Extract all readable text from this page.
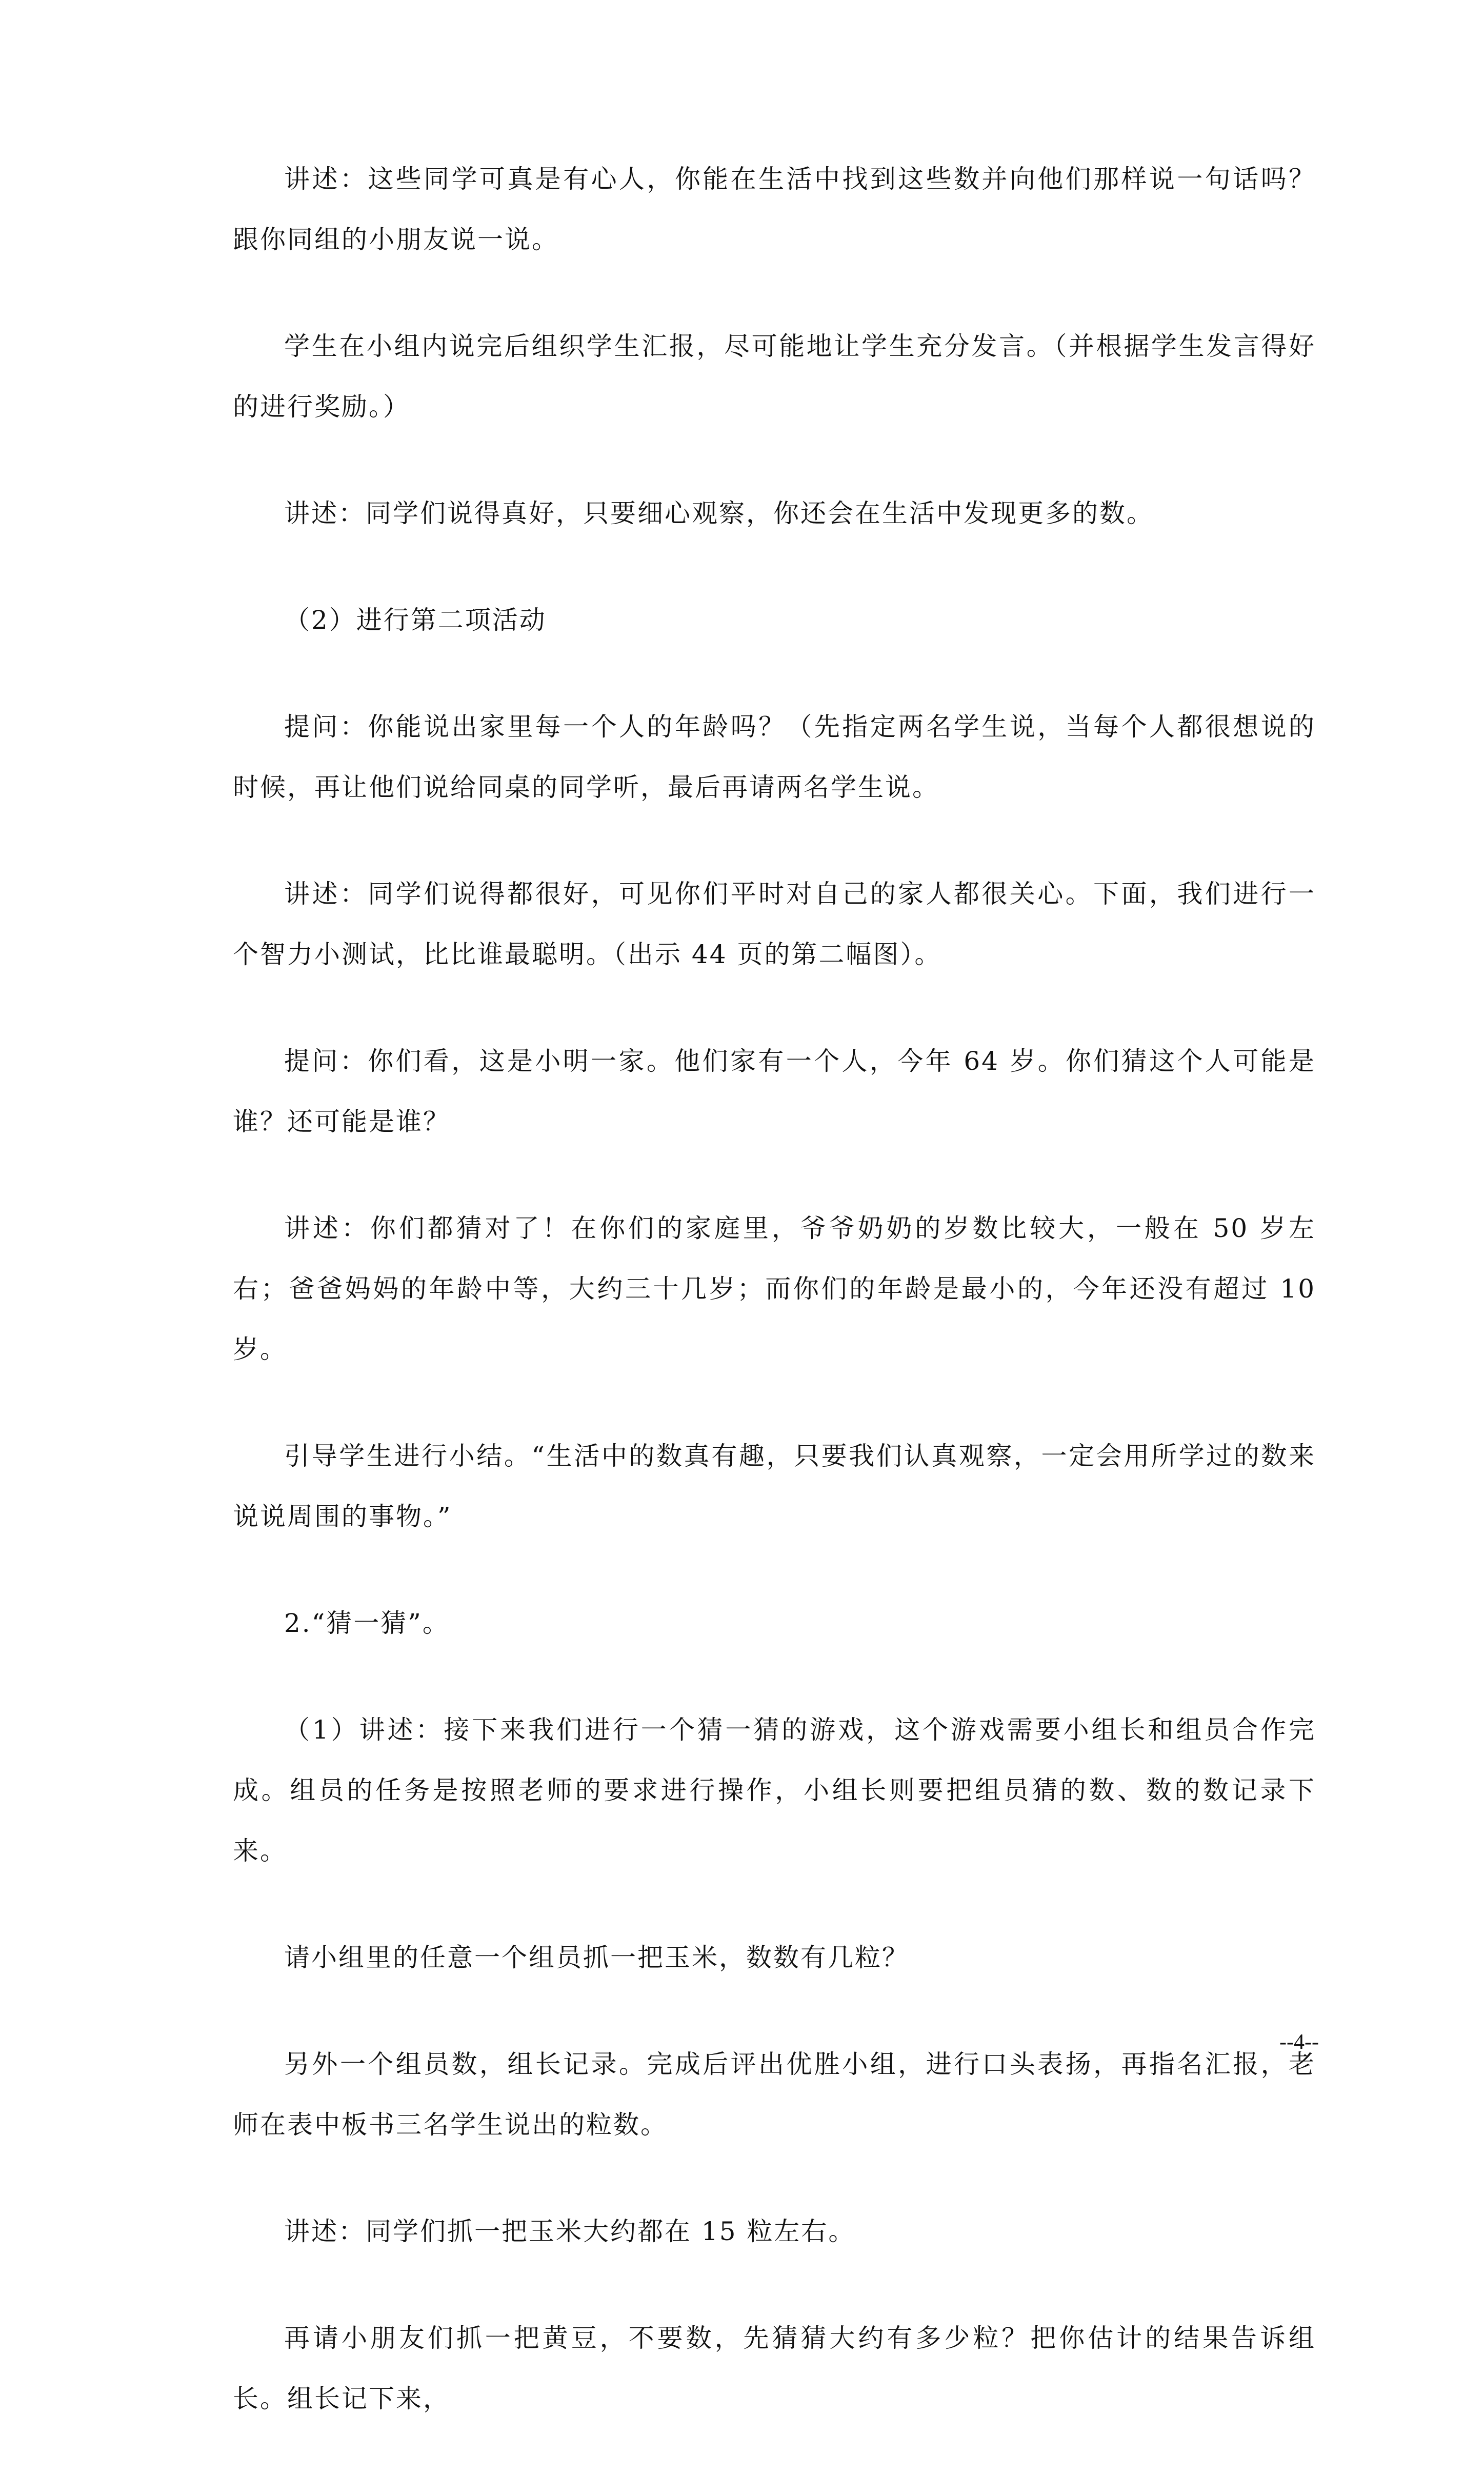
讲述：这些同学可真是有心人，你能在生活中找到这些数并向他们那样说一句话吗？跟你同组的小朋友说一说。

学生在小组内说完后组织学生汇报，尽可能地让学生充分发言。（并根据学生发言得好的进行奖励。）

讲述：同学们说得真好，只要细心观察，你还会在生活中发现更多的数。

（2）进行第二项活动

提问：你能说出家里每一个人的年龄吗？（先指定两名学生说，当每个人都很想说的时候，再让他们说给同桌的同学听，最后再请两名学生说。

讲述：同学们说得都很好，可见你们平时对自己的家人都很关心。下面，我们进行一个智力小测试，比比谁最聪明。（出示 44 页的第二幅图）。

提问：你们看，这是小明一家。他们家有一个人，今年 64 岁。你们猜这个人可能是谁？还可能是谁？

讲述：你们都猜对了！在你们的家庭里，爷爷奶奶的岁数比较大，一般在 50 岁左右；爸爸妈妈的年龄中等，大约三十几岁；而你们的年龄是最小的，今年还没有超过 10 岁。

引导学生进行小结。“生活中的数真有趣，只要我们认真观察，一定会用所学过的数来说说周围的事物。”

2.“猜一猜”。

（1）讲述：接下来我们进行一个猜一猜的游戏，这个游戏需要小组长和组员合作完成。组员的任务是按照老师的要求进行操作，小组长则要把组员猜的数、数的数记录下来。

请小组里的任意一个组员抓一把玉米，数数有几粒？

另外一个组员数，组长记录。完成后评出优胜小组，进行口头表扬，再指名汇报，老师在表中板书三名学生说出的粒数。

讲述：同学们抓一把玉米大约都在 15 粒左右。

再请小朋友们抓一把黄豆，不要数，先猜猜大约有多少粒？把你估计的结果告诉组长。组长记下来，

--4--
